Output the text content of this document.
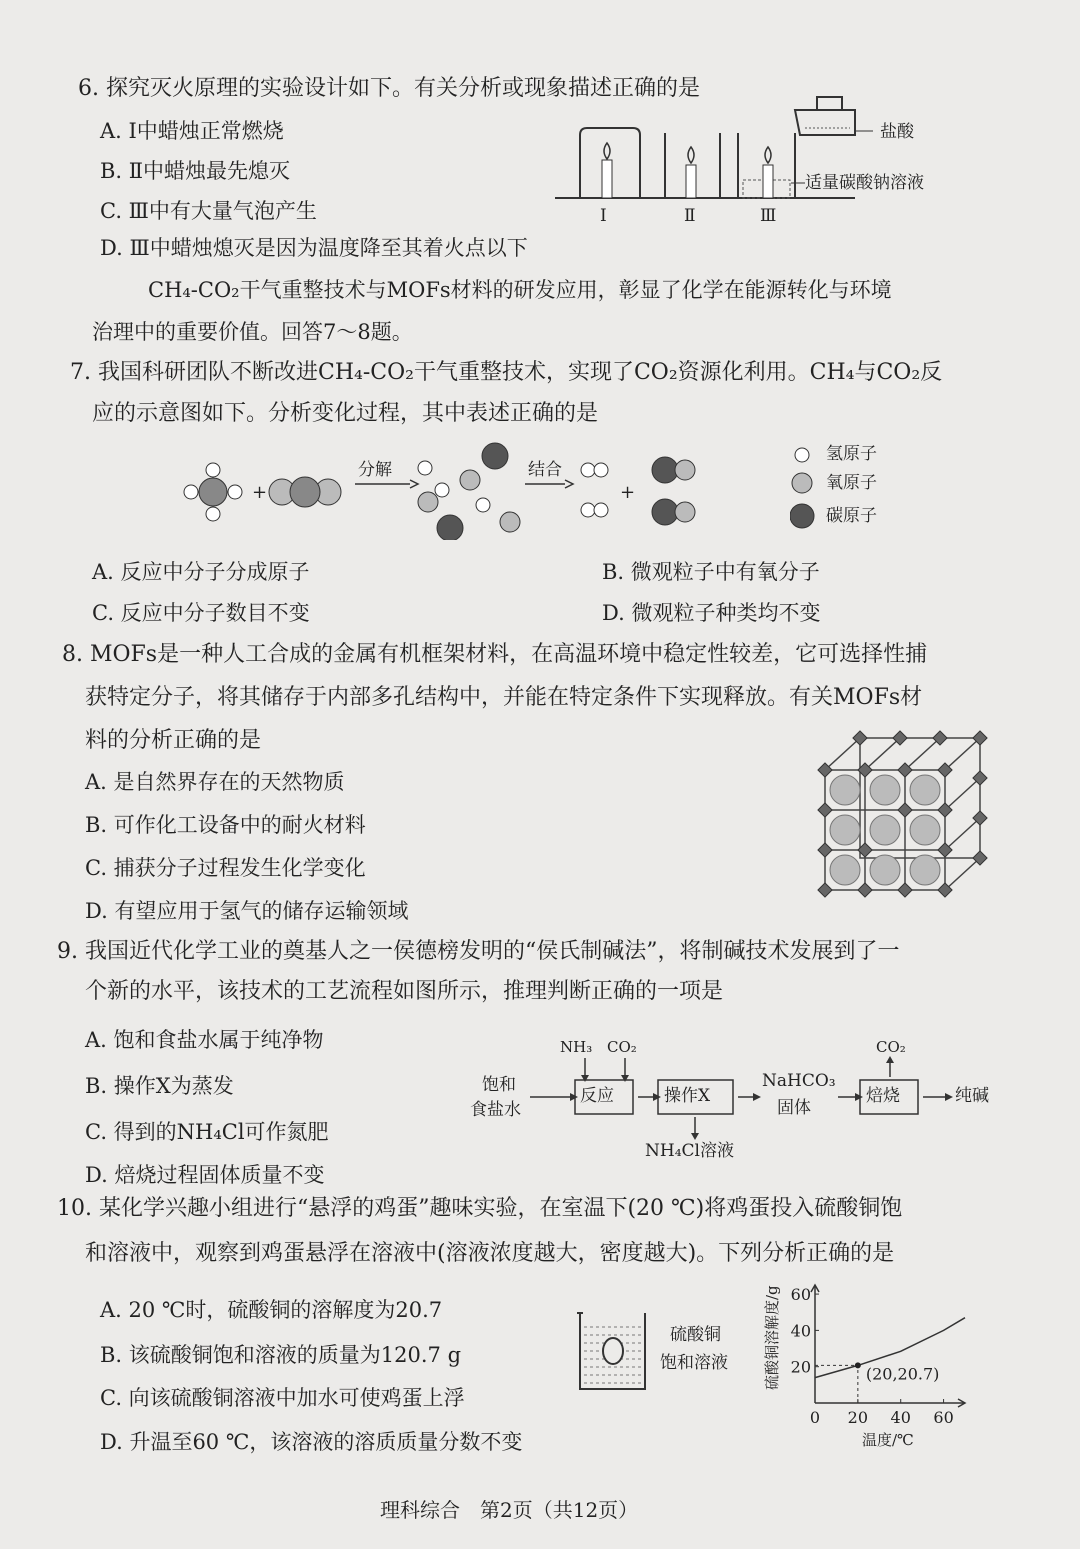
6. 探究灭火原理的实验设计如下。有关分析或现象描述正确的是
A. Ⅰ中蜡烛正常燃烧
B. Ⅱ中蜡烛最先熄灭
C. Ⅲ中有大量气泡产生
D. Ⅲ中蜡烛熄灭是因为温度降至其着火点以下
盐酸
适量碳酸钠溶液
Ⅰ	Ⅱ	Ⅲ
CH₄-CO₂干气重整技术与MOFs材料的研发应用，彰显了化学在能源转化与环境
治理中的重要价值。回答7～8题。
7. 我国科研团队不断改进CH₄-CO₂干气重整技术，实现了CO₂资源化利用。CH₄与CO₂反
应的示意图如下。分析变化过程，其中表述正确的是
+	+
分解	结合
氢原子
氧原子
碳原子
A. 反应中分子分成原子	B. 微观粒子中有氧分子
C. 反应中分子数目不变	D. 微观粒子种类均不变
8. MOFs是一种人工合成的金属有机框架材料，在高温环境中稳定性较差，它可选择性捕
获特定分子，将其储存于内部多孔结构中，并能在特定条件下实现释放。有关MOFs材
料的分析正确的是
A. 是自然界存在的天然物质
B. 可作化工设备中的耐火材料
C. 捕获分子过程发生化学变化
D. 有望应用于氢气的储存运输领域
9. 我国近代化学工业的奠基人之一侯德榜发明的“侯氏制碱法”，将制碱技术发展到了一
个新的水平，该技术的工艺流程如图所示，推理判断正确的一项是
A. 饱和食盐水属于纯净物
B. 操作X为蒸发
C. 得到的NH₄Cl可作氮肥
D. 焙烧过程固体质量不变
饱和
食盐水
NH₃ CO₂
反应	操作X
NaHCO₃
固体
NH₄Cl溶液
焙烧
CO₂
纯碱
10. 某化学兴趣小组进行“悬浮的鸡蛋”趣味实验，在室温下(20 ℃)将鸡蛋投入硫酸铜饱
和溶液中，观察到鸡蛋悬浮在溶液中(溶液浓度越大，密度越大)。下列分析正确的是
A. 20 ℃时，硫酸铜的溶解度为20.7
B. 该硫酸铜饱和溶液的质量为120.7 g
C. 向该硫酸铜溶液中加水可使鸡蛋上浮
D. 升温至60 ℃，该溶液的溶质质量分数不变
硫酸铜
饱和溶液
0 20 40 60
20
40
60
(20,20.7)
硫酸铜溶解度/g
温度/℃
理科综合　第2页（共12页）
